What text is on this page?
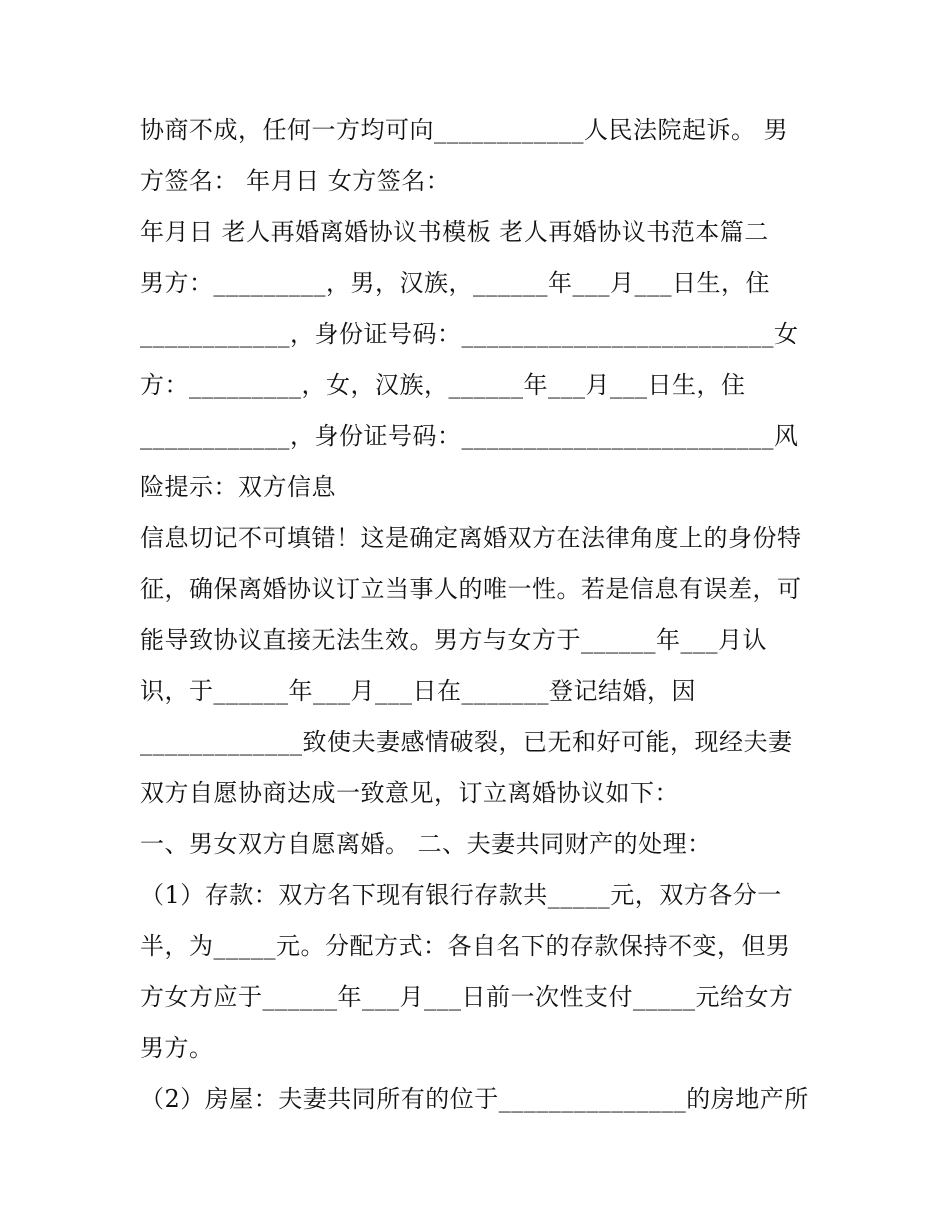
协商不成，任何一方均可向____________人民法院起诉。 男
方签名： 年月日 女方签名：
年月日 老人再婚离婚协议书模板 老人再婚协议书范本篇二
男方：_________，男，汉族，______年___月___日生，住
____________，身份证号码：_________________________女
方：_________，女，汉族，______年___月___日生，住
____________，身份证号码：_________________________风
险提示：双方信息
信息切记不可填错！这是确定离婚双方在法律角度上的身份特
征，确保离婚协议订立当事人的唯一性。若是信息有误差，可
能导致协议直接无法生效。男方与女方于______年___月认
识，于______年___月___日在_______登记结婚，因
_____________致使夫妻感情破裂，已无和好可能，现经夫妻
双方自愿协商达成一致意见，订立离婚协议如下：
一、男女双方自愿离婚。 二、夫妻共同财产的处理：
（1）存款：双方名下现有银行存款共_____元，双方各分一
半，为_____元。分配方式：各自名下的存款保持不变，但男
方女方应于______年___月___日前一次性支付_____元给女方
男方。
（2）房屋：夫妻共同所有的位于_______________的房地产所
